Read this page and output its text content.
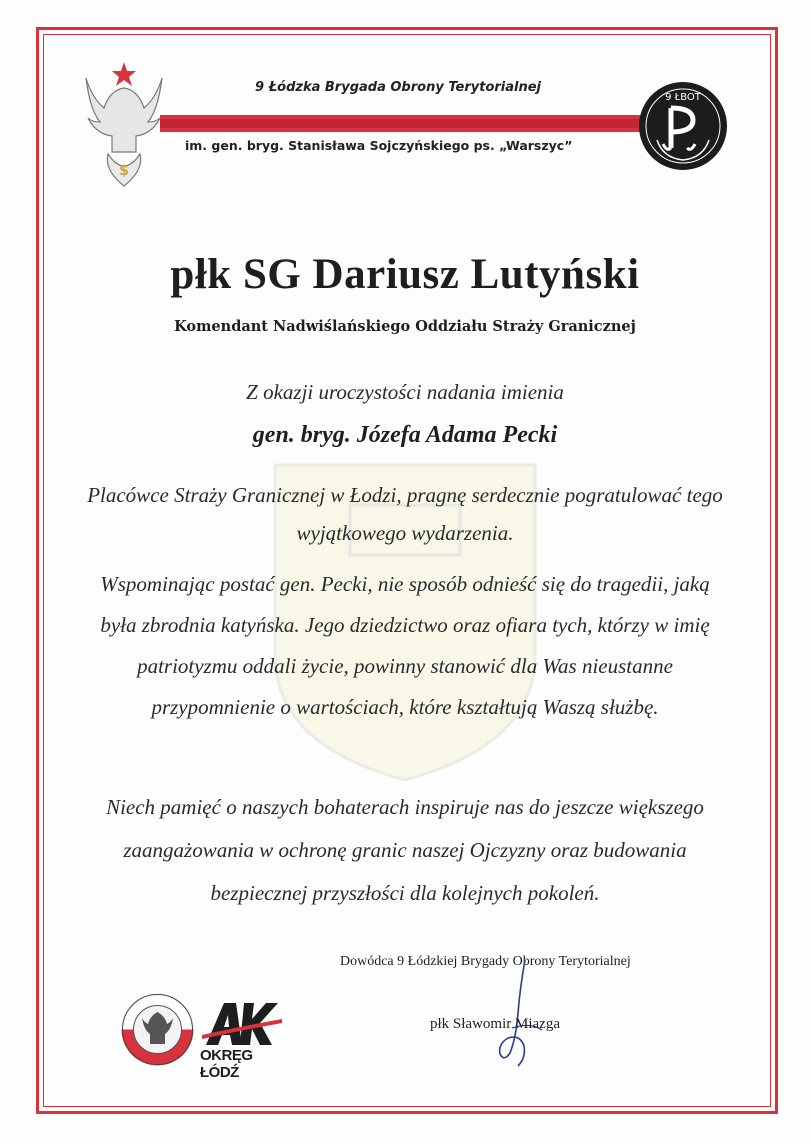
$
9 Łódzka Brygada Obrony Terytorialnej
im. gen. bryg. Stanisława Sojczyńskiego ps. „Warszyc”
9 ŁBOT
płk SG Dariusz Lutyński
Komendant Nadwiślańskiego Oddziału Straży Granicznej

Z okazji uroczystości nadania imienia

gen. bryg. Józefa Adama Pecki

Placówce Straży Granicznej w Łodzi, pragnę serdecznie pogratulować tego wyjątkowego wydarzenia.

Wspominając postać gen. Pecki, nie sposób odnieść się do tragedii, jaką była zbrodnia katyńska. Jego dziedzictwo oraz ofiara tych, którzy w imię patriotyzmu oddali życie, powinny stanowić dla Was nieustanne przypomnienie o wartościach, które kształtują Waszą służbę.

Niech pamięć o naszych bohaterach inspiruje nas do jeszcze większego zaangażowania w ochronę granic naszej Ojczyzny oraz budowania bezpiecznej przyszłości dla kolejnych pokoleń.

Dowódca 9 Łódzkiej Brygady Obrony Terytorialnej
płk Sławomir Miazga
OKRĘG ŁÓDŹ
